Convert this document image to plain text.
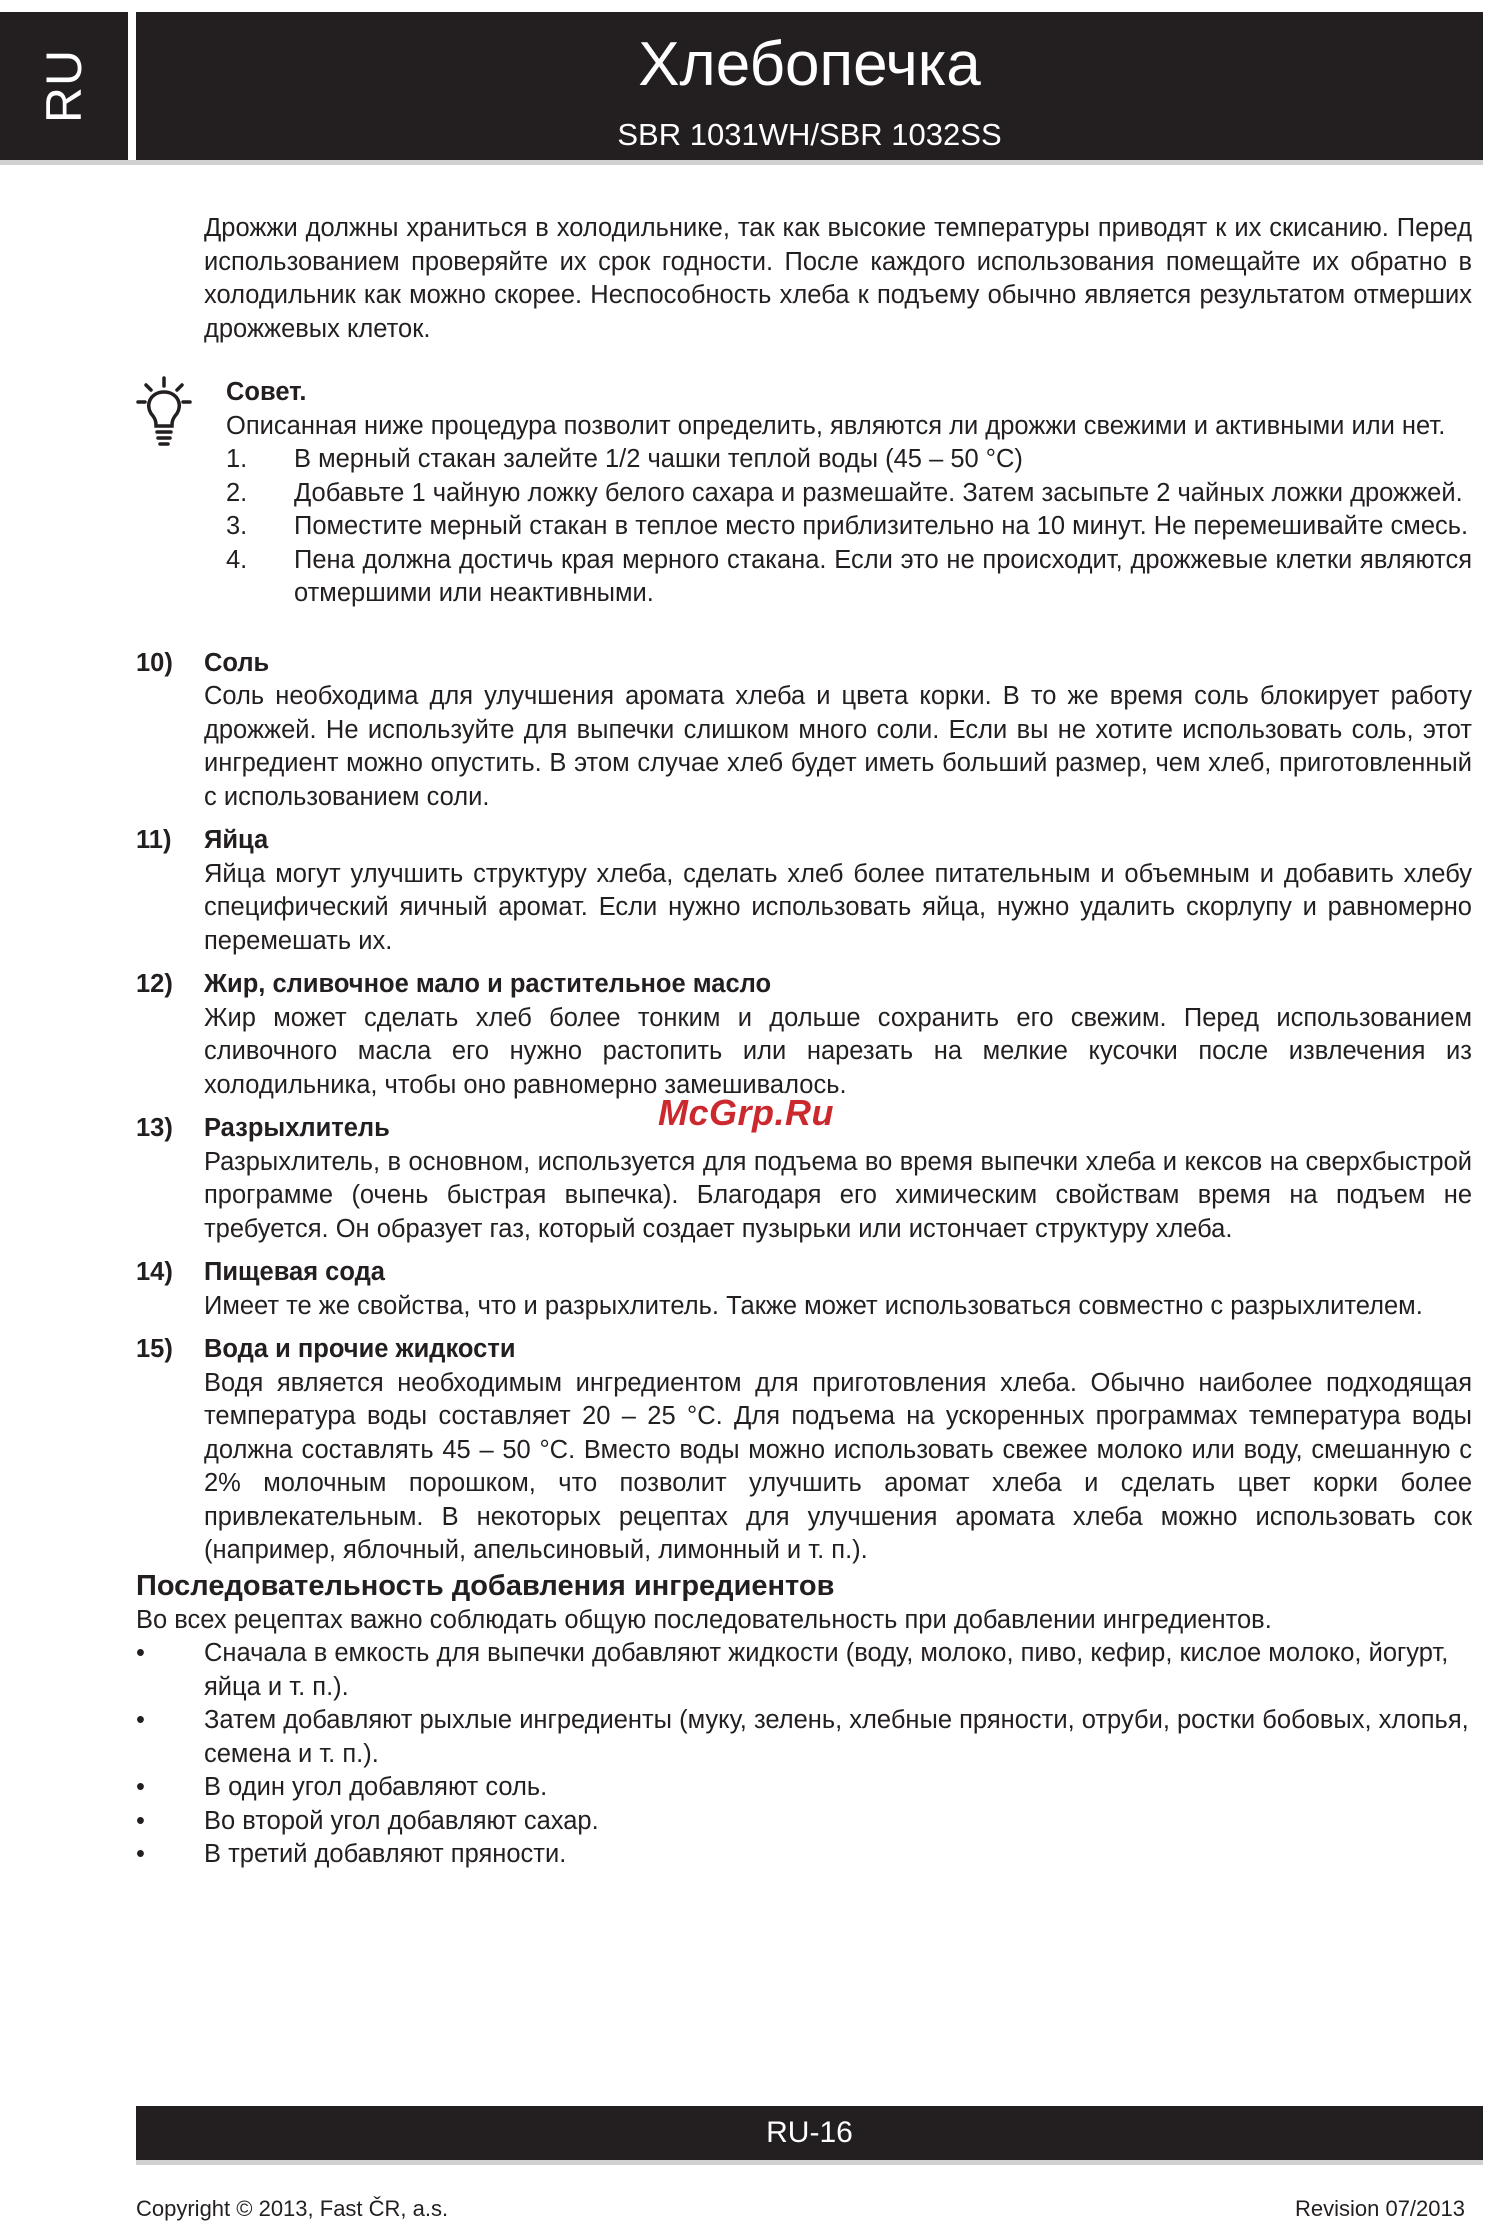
RU	Хлебопечка
SBR 1031WH/SBR 1032SS

Дрожжи должны храниться в холодильнике, так как высокие температуры приводят к их скисанию. Перед использованием проверяйте их срок годности. После каждого использования помещайте их обратно в холодильник как можно скорее. Неспособность хлеба к подъему обычно является результатом отмерших дрожжевых клеток.

Совет.

Описанная ниже процедура позволит определить, являются ли дрожжи свежими и активными или нет.

1. В мерный стакан залейте 1/2 чашки теплой воды (45 – 50 °C)
2. Добавьте 1 чайную ложку белого сахара и размешайте. Затем засыпьте 2 чайных ложки дрожжей.
3. Поместите мерный стакан в теплое место приблизительно на 10 минут. Не перемешивайте смесь.
4. Пена должна достичь края мерного стакана. Если это не происходит, дрожжевые клетки являются отмершими или неактивными.
10) Соль

Соль необходима для улучшения аромата хлеба и цвета корки. В то же время соль блокирует работу дрожжей. Не используйте для выпечки слишком много соли. Если вы не хотите использовать соль, этот ингредиент можно опустить. В этом случае хлеб будет иметь больший размер, чем хлеб, приготовленный с использованием соли.

11) Яйца

Яйца могут улучшить структуру хлеба, сделать хлеб более питательным и объемным и добавить хлебу специфический яичный аромат. Если нужно использовать яйца, нужно удалить скорлупу и равномерно перемешать их.

12) Жир, сливочное мало и растительное масло

Жир может сделать хлеб более тонким и дольше сохранить его свежим. Перед использованием сливочного масла его нужно растопить или нарезать на мелкие кусочки после извлечения из холодильника, чтобы оно равномерно замешивалось.

13) Разрыхлитель

Разрыхлитель, в основном, используется для подъема во время выпечки хлеба и кексов на сверхбыстрой программе (очень быстрая выпечка). Благодаря его химическим свойствам время на подъем не требуется. Он образует газ, который создает пузырьки или истончает структуру хлеба.

14) Пищевая сода

Имеет те же свойства, что и разрыхлитель. Также может использоваться совместно с разрыхлителем.

15) Вода и прочие жидкости

Водя является необходимым ингредиентом для приготовления хлеба. Обычно наиболее подходящая температура воды составляет 20 – 25 °C. Для подъема на ускоренных программах температура воды должна составлять 45 – 50 °C. Вместо воды можно использовать свежее молоко или воду, смешанную с 2% молочным порошком, что позволит улучшить аромат хлеба и сделать цвет корки более привлекательным. В некоторых рецептах для улучшения аромата хлеба можно использовать сок (например, яблочный, апельсиновый, лимонный и т. п.).

Последовательность добавления ингредиентов

Во всех рецептах важно соблюдать общую последовательность при добавлении ингредиентов.

• Сначала в емкость для выпечки добавляют жидкости (воду, молоко, пиво, кефир, кислое молоко, йогурт, яйца и т. п.).
• Затем добавляют рыхлые ингредиенты (муку, зелень, хлебные пряности, отруби, ростки бобовых, хлопья, семена и т. п.).
• В один угол добавляют соль.
• Во второй угол добавляют сахар.
• В третий добавляют пряности.
McGrp.Ru
RU-16
Copyright © 2013, Fast ČR, a.s.	Revision 07/2013
